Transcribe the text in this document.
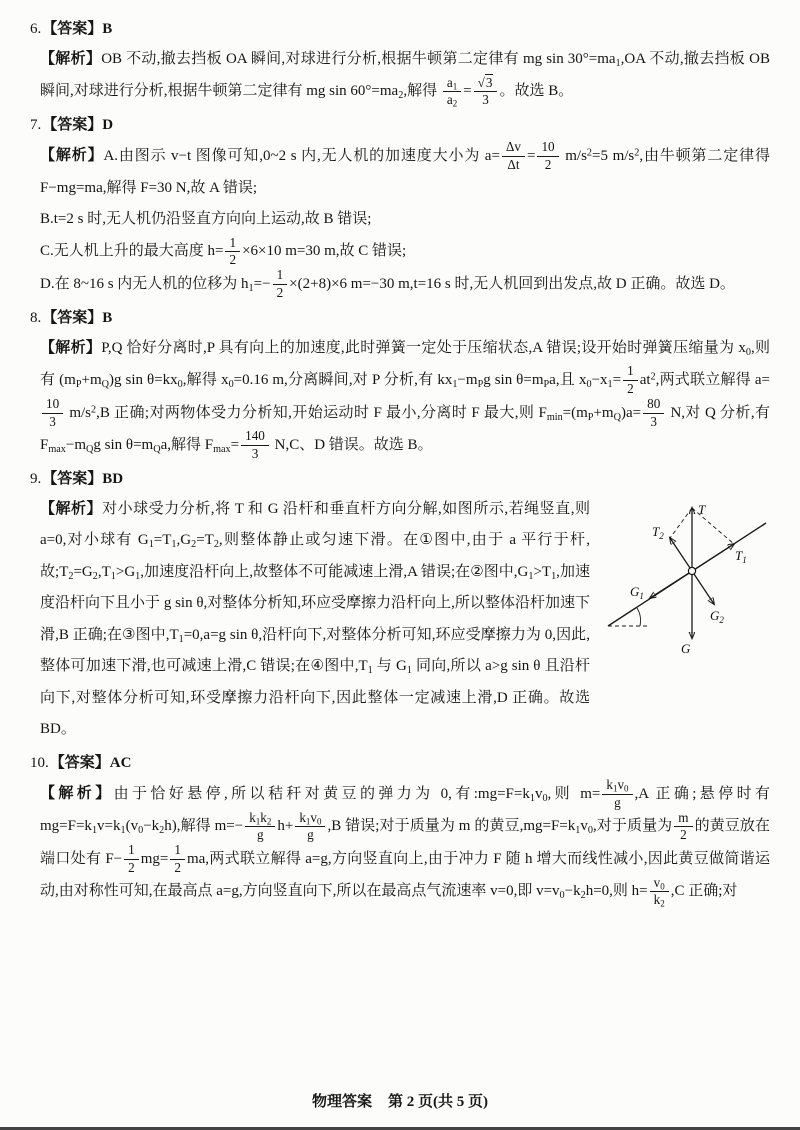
6.【答案】B
【解析】OB 不动,撤去挡板 OA 瞬间,对球进行分析,根据牛顿第二定律有 mg $\sin 30^\circ=ma_1,OA$ 不动,撤去挡板 OB 瞬间,对球进行分析,根据牛顿第二定律有 mg $\sin 60^\circ=ma_2$,解得 $\frac{a_1}{a_2} = \frac{√3}{3}$ 。故选 B。
7.【答案】D
【解析】A.由图示 v−t 图像可知,0~2 s 内,无人机的加速度大小为 $a= \frac{\Delta v}{\Delta t} = \frac{10}{2} m/s^2=5$ $m/s^2$,由牛顿第二定律得 F−mg=ma,解得 F=30 N,故 A 错误;
B.t=2 s 时,无人机仍沿竖直方向向上运动,故 B 错误;
C.无人机上升的最大高度 $h= \frac{1}{2} \times 6\times 10$ m=30 m,故 C 错误;
D.在 8~16 s 内无人机的位移为 $h_1=- \frac{1}{2} \times(2+8)\times 6$ m=−30 m,t=16 s 时,无人机回到出发点,故 D 正确。故选 D。
8.【答案】B
【解析】P,Q 恰好分离时,P 具有向上的加速度,此时弹簧一定处于压缩状态,A 错误;设开始时弹簧压缩量为 $x_0$,则有 $(m_P+m_Q)g$ $\sin \theta=kx_0$,解得 $x_0=0.16$ m,分离瞬间,对 P 分析,有 $kx_1-m_Pg$ $\sin \theta=m_Pa$,且 $x_0-x_1= \frac{1}{2} at^2$,两式联立解得 a=
$\frac{10}{3} m/s^2,B$ 正确;对两物体受力分析知,开始运动时 F 最小,分离时 F 最大,则 $F_{min}=(m_P+m_Q)a= \frac{80}{3} N$,对 Q 分析,有 $F_{max}-m_Qg$ $\sin \theta=m_Qa$,解得 $F_{max}= \frac{140}{3} N,C$、D 错误。故选 B。
9.【答案】BD
T
$T_2$
$T_1$
G
$G_1$
$G_2$
【解析】对小球受力分析,将 T 和 G 沿杆和垂直杆方向分解,如图所示,若绳竖直,则 a=0,对小球有 $G_1=T_1,G_2=T_2$,则整体静止或匀速下滑。在①图中,由于 a 平行于杆,故$;T_2=G_2,T_1>G_1$,加速度沿杆向上,故整体不可能减速上滑,A 错误;在②图中$,G_1>T_1$,加速度沿杆向下且小于 g sin θ,对整体分析知,环应受摩擦力沿杆向上,所以整体沿杆加速下滑,B 正确;在③图中$,T_1=0,a=g$ sin θ,沿杆向下,对整体分析可知,环应受摩擦力为 0,因此,整体可加速下滑,也可减速上滑,C 错误;在④图中$,T_1$ 与 $G_1$ 同向,所以 a>g sin θ 且沿杆向下,对整体分析可知,环受摩擦力沿杆向下,因此整体一定减速上滑,D 正确。故选 BD。
10.【答案】AC
【解析】由于恰好悬停,所以秸秆对黄豆的弹力为 0,有$:mg=F=k_1v_0$,则 $m= \frac{k_1v_0}{g} ,A$ 正确;悬停时有 $mg=F=k_1v=k_1(v_0-k_2h)$,解得 $m=- \frac{k_1k_2}{g} h+ \frac{k_1v_0}{g} ,B$ 错误;对于质量为 m 的黄豆$,mg=F=k_1v_0$,对于质量为 $\frac{m}{2}$ 的黄豆放在端口处有 $F- \frac{1}{2} mg= \frac{1}{2}$ ma,两式联立解得 a=g,方向竖直向上,由于冲力 F 随 h 增大而线性减小,因此黄豆做简谐运动,由对称性可知,在最高点 a=g,方向竖直向下,所以在最高点气流速率 v=0,即 $v=v_0-k_2h=0$,则 $h= \frac{v_0}{k_2} ,C$ 正确;对
物理答案 第 2 页(共 5 页)
